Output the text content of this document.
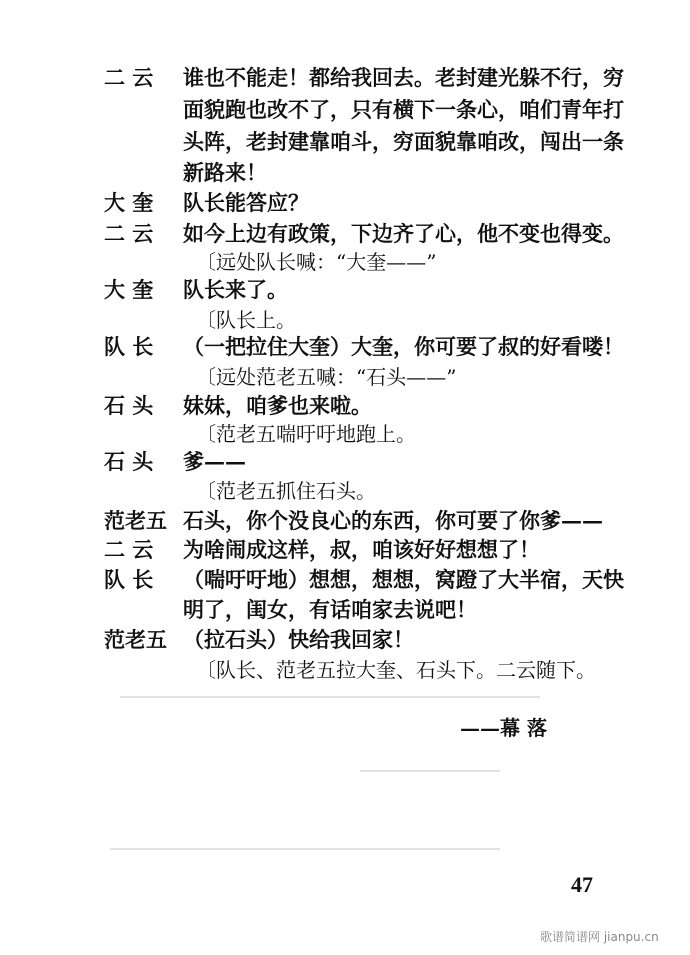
二 云	谁也不能走！都给我回去。老封建光躲不行，穷
面貌跑也改不了，只有横下一条心，咱们青年打
头阵，老封建靠咱斗，穷面貌靠咱改，闯出一条
新路来！
大 奎	队长能答应？
二 云	如今上边有政策，下边齐了心，他不变也得变。
〔远处队长喊：“大奎——”
大 奎	队长来了。
〔队长上。
队 长	（一把拉住大奎）大奎，你可要了叔的好看喽！
〔远处范老五喊：“石头——”
石 头	妹妹，咱爹也来啦。
〔范老五喘吁吁地跑上。
石 头	爹——
〔范老五抓住石头。
范老五 石头，你个没良心的东西，你可要了你爹——
二 云	为啥闹成这样，叔，咱该好好想想了！
队 长	（喘吁吁地）想想，想想，窝蹬了大半宿，天快
明了，闺女，有话咱家去说吧！
范老五 （拉石头）快给我回家！
〔队长、范老五拉大奎、石头下。二云随下。
——幕 落
47
歌谱简谱网 jianpu.cn
